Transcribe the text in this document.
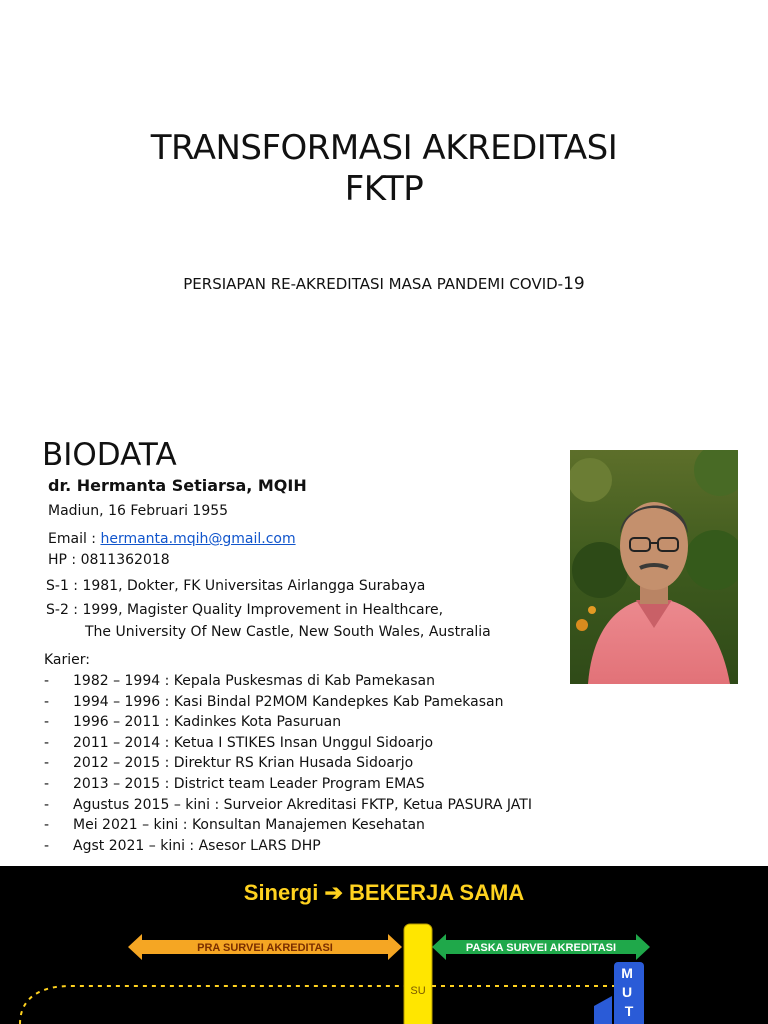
TRANSFORMASI AKREDITASI
FKTP
PERSIAPAN RE-AKREDITASI MASA PANDEMI COVID-19
BIODATA
dr. Hermanta Setiarsa, MQIH
Madiun, 16 Februari 1955
Email : hermanta.mqih@gmail.com
HP : 0811362018
S-1 : 1981, Dokter, FK Universitas Airlangga Surabaya
S-2 : 1999, Magister Quality Improvement in Healthcare,
The University Of New Castle, New South Wales, Australia
Karier:
- 1982 – 1994 : Kepala Puskesmas di Kab Pamekasan
- 1994 – 1996 : Kasi Bindal P2MOM Kandepkes Kab Pamekasan
- 1996 – 2011 : Kadinkes Kota Pasuruan
- 2011 – 2014 : Ketua I STIKES Insan Unggul Sidoarjo
- 2012 – 2015 : Direktur RS Krian Husada Sidoarjo
- 2013 – 2015 : District team Leader Program EMAS
- Agustus 2015 – kini : Surveior Akreditasi FKTP, Ketua PASURA JATI
- Mei 2021 – kini : Konsultan Manajemen Kesehatan
- Agst 2021 – kini : Asesor LARS DHP
Sinergi ➔ BEKERJA SAMA
PRA SURVEI AKREDITASI	PASKA SURVEI AKREDITASI
SU
M U T
